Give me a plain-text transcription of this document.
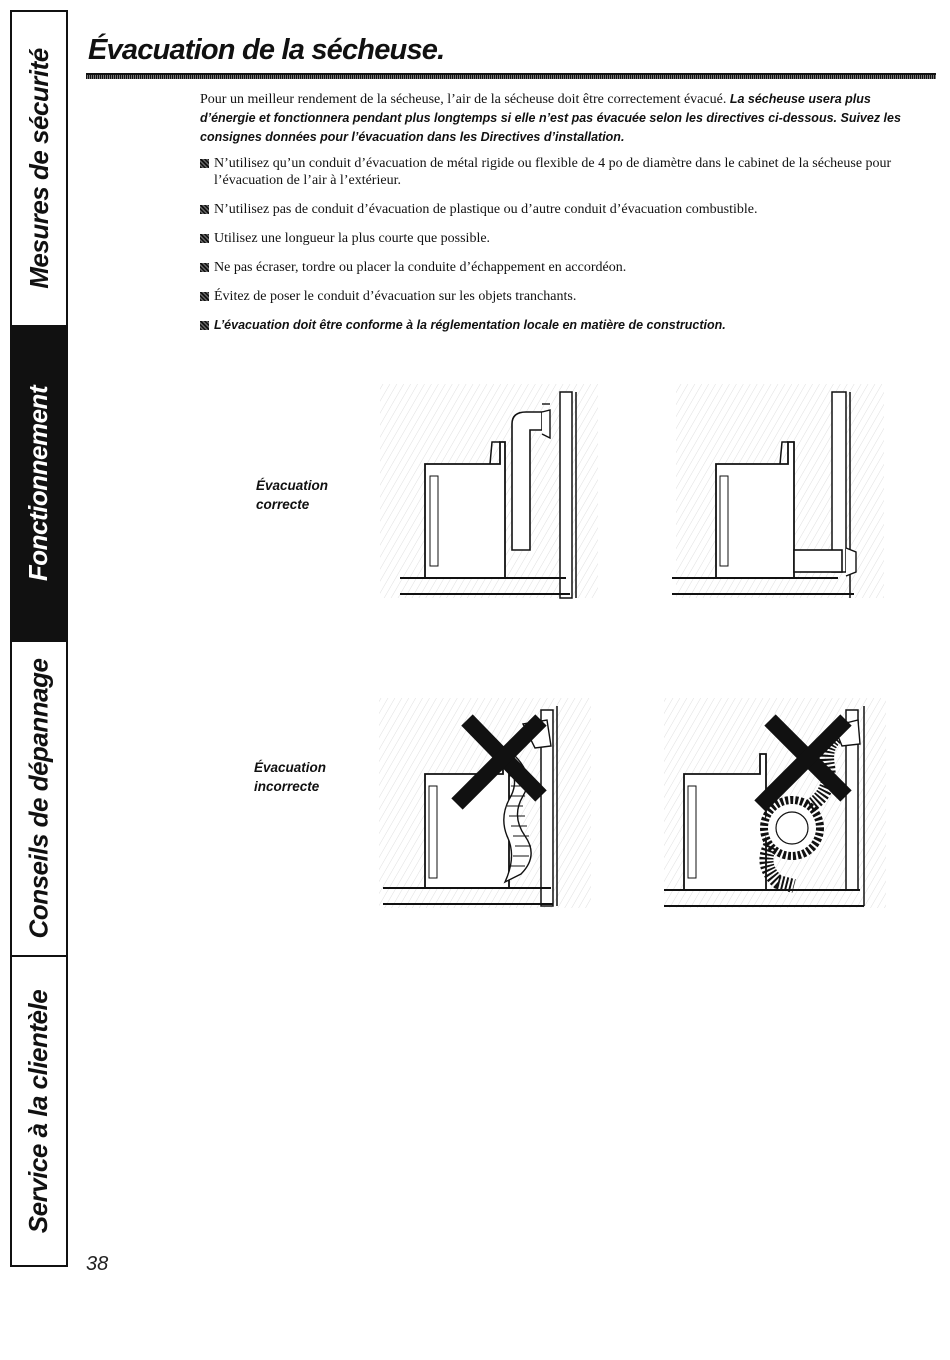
Mesures de sécurité
Fonctionnement
Conseils de dépannage
Service à la clientèle
Évacuation de la sécheuse.

Pour un meilleur rendement de la sécheuse, l’air de la sécheuse doit être correctement évacué. La sécheuse usera plus d’énergie et fonctionnera pendant plus longtemps si elle n’est pas évacuée selon les directives ci-dessous. Suivez les consignes données pour l’évacuation dans les Directives d’installation.

N’utilisez qu’un conduit d’évacuation de métal rigide ou flexible de 4 po de diamètre dans le cabinet de la sécheuse pour l’évacuation de l’air à l’extérieur.
N’utilisez pas de conduit d’évacuation de plastique ou d’autre conduit d’évacuation combustible.
Utilisez une longueur la plus courte que possible.
Ne pas écraser, tordre ou placer la conduite d’échappement en accordéon.
Évitez de poser le conduit d’évacuation sur les objets tranchants.
L’évacuation doit être conforme à la réglementation locale en matière de construction.
Évacuation
correcte
Évacuation
incorrecte
38
